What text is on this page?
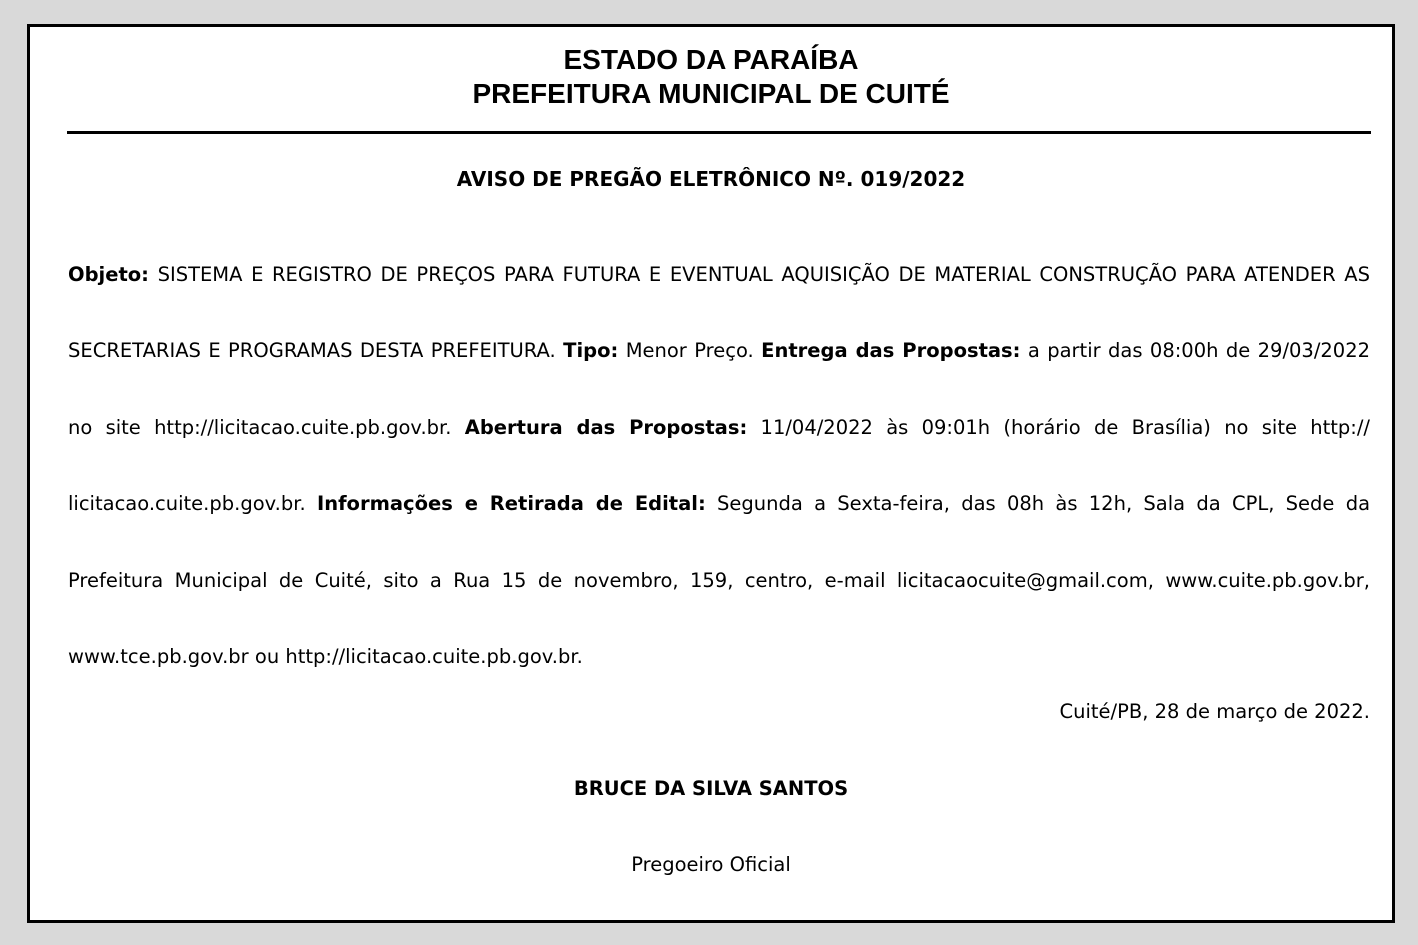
ESTADO DA PARAÍBA
PREFEITURA MUNICIPAL DE CUITÉ
AVISO DE PREGÃO ELETRÔNICO Nº. 019/2022
Objeto: SISTEMA E REGISTRO DE PREÇOS PARA FUTURA E EVENTUAL AQUISIÇÃO DE MATERIAL CONSTRUÇÃO PARA ATENDER AS SECRETARIAS E PROGRAMAS DESTA PREFEITURA. Tipo: Menor Preço. Entrega das Propostas: a partir das 08:00h de 29/03/2022 no site http://licitacao.cuite.pb.gov.br. Abertura das Propostas: 11/04/2022 às 09:01h (horário de Brasília) no site http:// licitacao.cuite.pb.gov.br. Informações e Retirada de Edital: Segunda a Sexta-feira, das 08h às 12h, Sala da CPL, Sede da Prefeitura Municipal de Cuité, sito a Rua 15 de novembro, 159, centro, e-mail licitacaocuite@gmail.com, www.cuite.pb.gov.br, www.tce.pb.gov.br ou http://licitacao.cuite.pb.gov.br.
Cuité/PB, 28 de março de 2022.
BRUCE DA SILVA SANTOS
Pregoeiro Oficial
